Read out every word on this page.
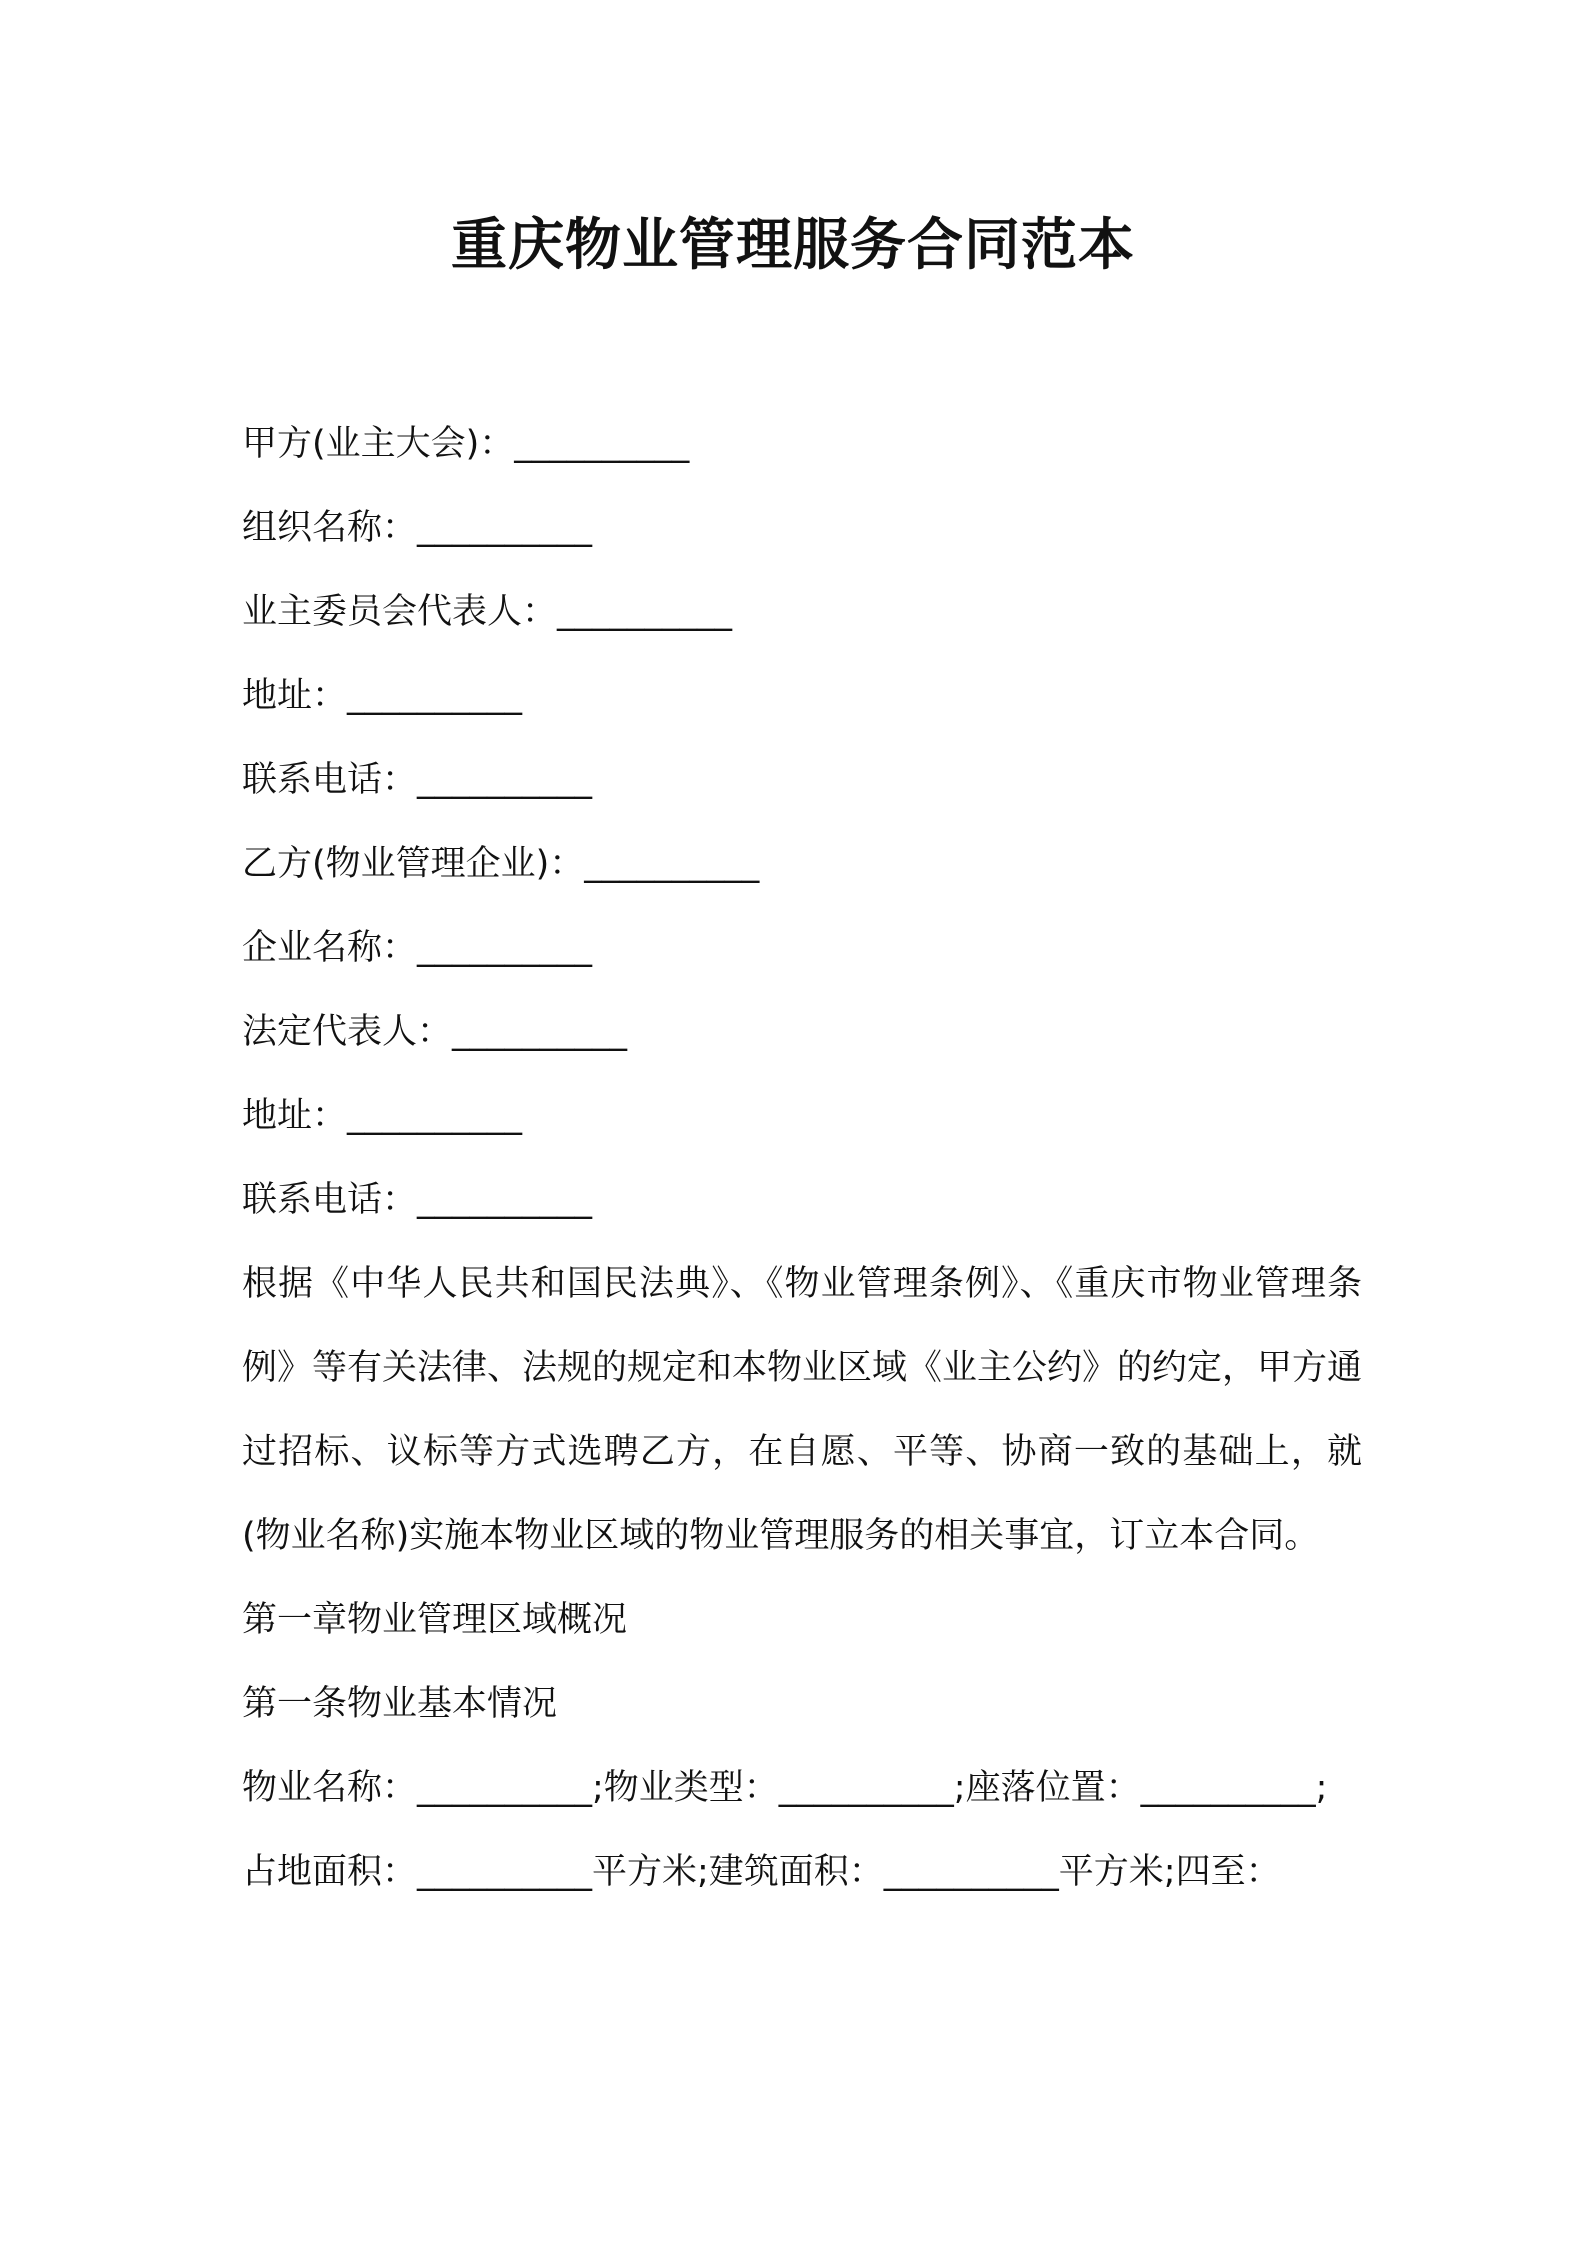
重庆物业管理服务合同范本
甲方(业主大会)：__________
组织名称：__________
业主委员会代表人：__________
地址：__________
联系电话：__________
乙方(物业管理企业)：__________
企业名称：__________
法定代表人：__________
地址：__________
联系电话：__________
根据《中华人民共和国民法典》、《物业管理条例》、《重庆市物业管理条例》等有关法律、法规的规定和本物业区域《业主公约》的约定，甲方通过招标、议标等方式选聘乙方，在自愿、平等、协商一致的基础上，就(物业名称)实施本物业区域的物业管理服务的相关事宜，订立本合同。
第一章物业管理区域概况
第一条物业基本情况
物业名称：__________;物业类型：__________;座落位置：__________;
占地面积：__________平方米;建筑面积：__________平方米;四至：
